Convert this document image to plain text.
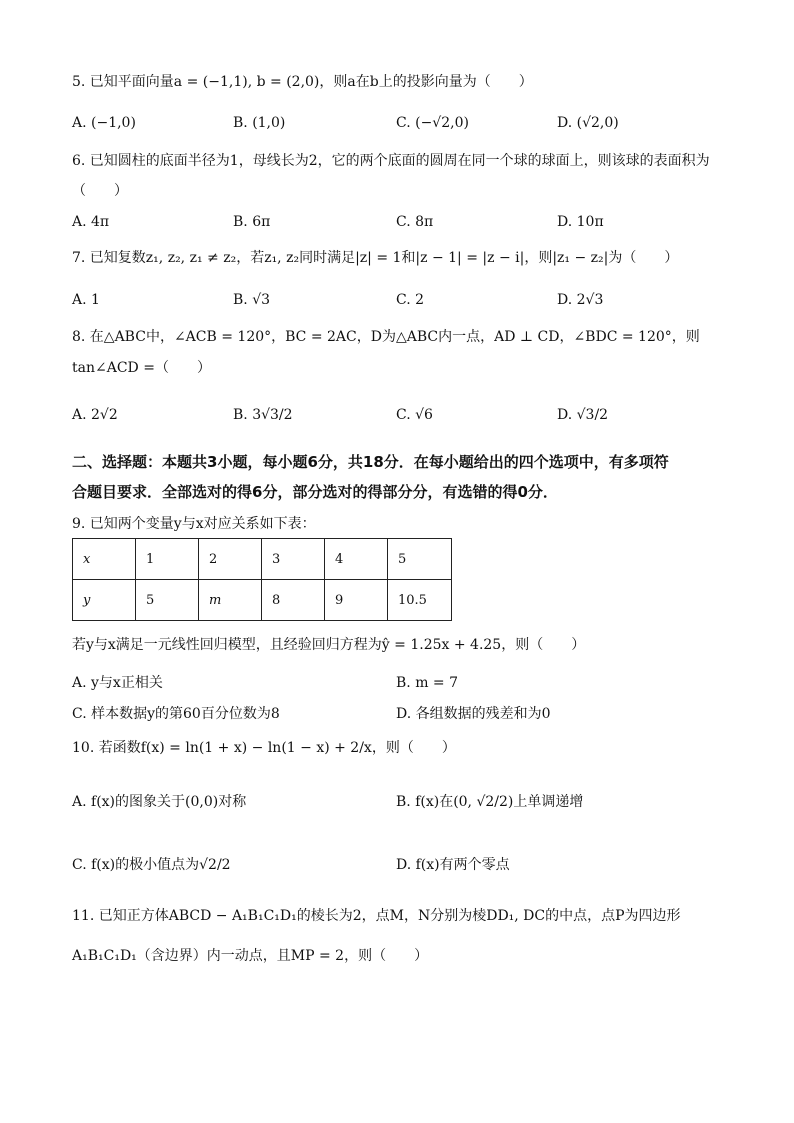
5. 已知平面向量a = (−1,1), b = (2,0)，则a在b上的投影向量为（　　）
A. (−1,0)	B. (1,0)	C. (−√2,0)	D. (√2,0)
6. 已知圆柱的底面半径为1，母线长为2，它的两个底面的圆周在同一个球的球面上，则该球的表面积为
（　　）
A. 4π	B. 6π	C. 8π	D. 10π
7. 已知复数z₁, z₂, z₁ ≠ z₂，若z₁, z₂同时满足|z| = 1和|z − 1| = |z − i|，则|z₁ − z₂|为（　　）
A. 1	B. √3	C. 2	D. 2√3
8. 在△ABC中，∠ACB = 120°，BC = 2AC，D为△ABC内一点，AD ⊥ CD，∠BDC = 120°，则
tan∠ACD =（　　）
A. 2√2	B. 3√3/2	C. √6	D. √3/2
二、选择题：本题共3小题，每小题6分，共18分．在每小题给出的四个选项中，有多项符
合题目要求．全部选对的得6分，部分选对的得部分分，有选错的得0分．
9. 已知两个变量y与x对应关系如下表：
x	1	2	3	4	5
y	5	m	8	9	10.5
若y与x满足一元线性回归模型，且经验回归方程为ŷ = 1.25x + 4.25，则（　　）
A. y与x正相关	B. m = 7
C. 样本数据y的第60百分位数为8	D. 各组数据的残差和为0
10. 若函数f(x) = ln(1 + x) − ln(1 − x) + 2/x，则（　　）
A. f(x)的图象关于(0,0)对称	B. f(x)在(0, √2/2)上单调递增
C. f(x)的极小值点为√2/2	D. f(x)有两个零点
11. 已知正方体ABCD − A₁B₁C₁D₁的棱长为2，点M，N分别为棱DD₁, DC的中点，点P为四边形
A₁B₁C₁D₁（含边界）内一动点，且MP = 2，则（　　）
